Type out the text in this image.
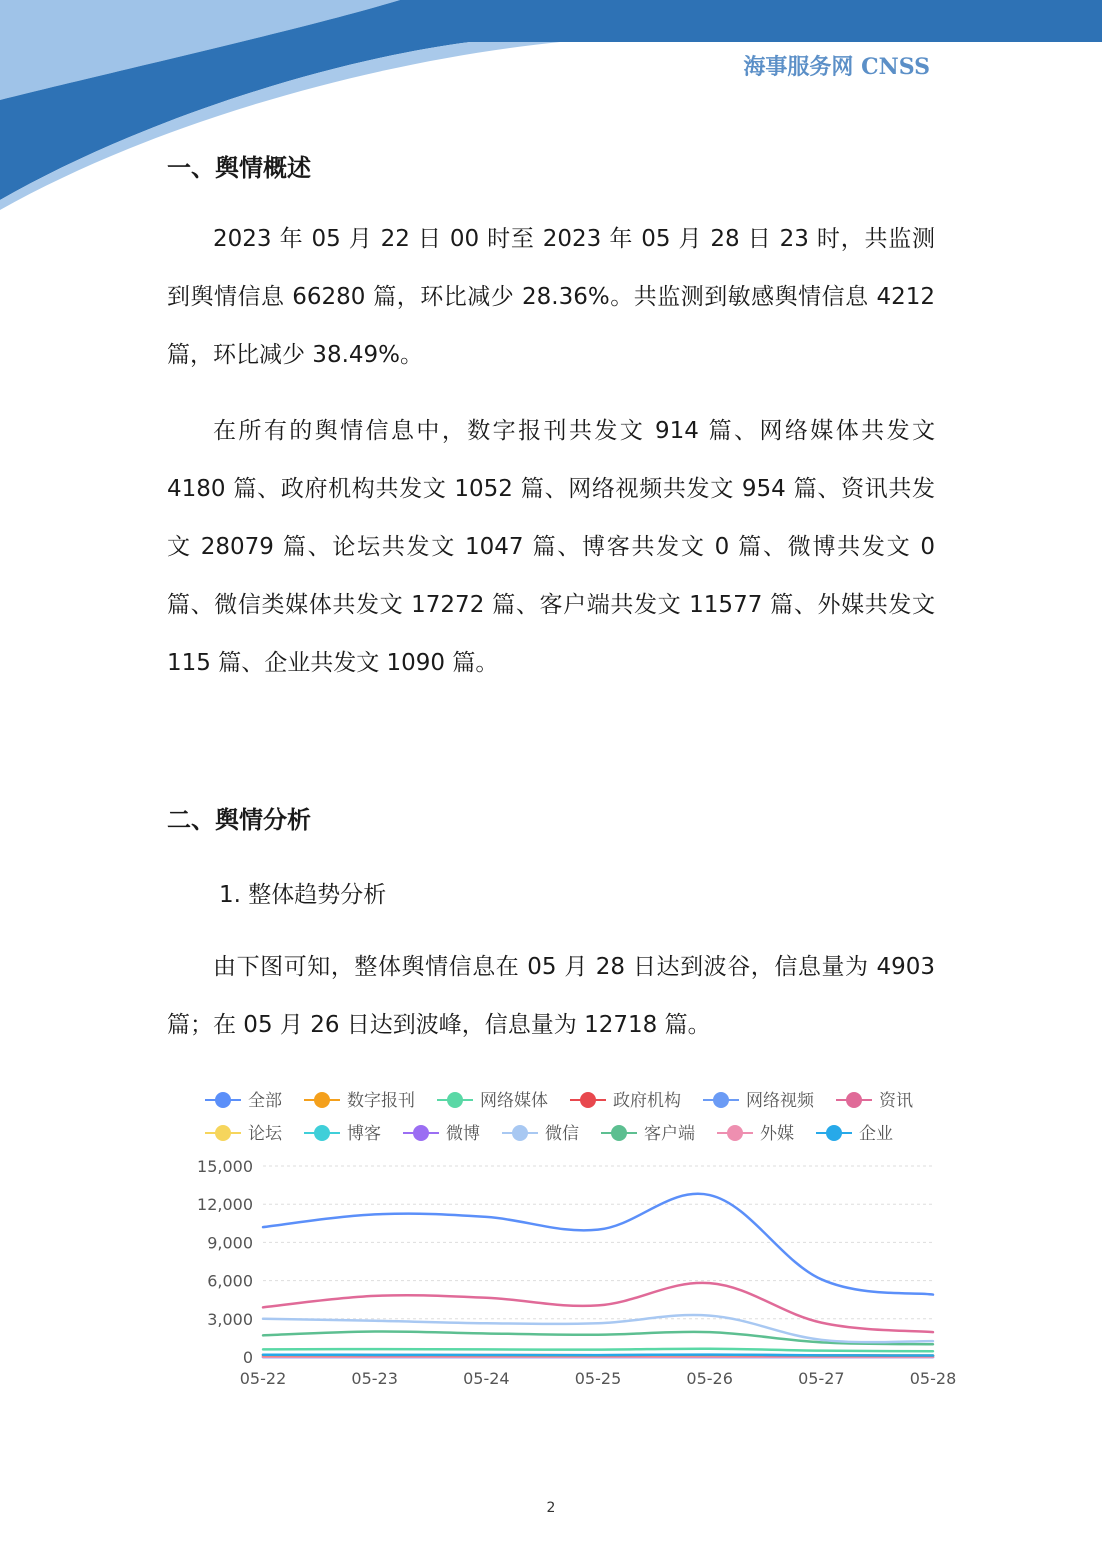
海事服务网 CNSS
一、舆情概述

2023 年 05 月 22 日 00 时至 2023 年 05 月 28 日 23 时，共监测到舆情信息 66280 篇，环比减少 28.36%。共监测到敏感舆情信息 4212 篇，环比减少 38.49%。

在所有的舆情信息中，数字报刊共发文 914 篇、网络媒体共发文 4180 篇、政府机构共发文 1052 篇、网络视频共发文 954 篇、资讯共发文 28079 篇、论坛共发文 1047 篇、博客共发文 0 篇、微博共发文 0 篇、微信类媒体共发文 17272 篇、客户端共发文 11577 篇、外媒共发文 115 篇、企业共发文 1090 篇。

二、舆情分析
1. 整体趋势分析

由下图可知，整体舆情信息在 05 月 28 日达到波谷，信息量为 4903 篇；在 05 月 26 日达到波峰，信息量为 12718 篇。

全部	数字报刊	网络媒体	政府机构	网络视频	资讯
论坛	博客	微博	微信	客户端	外媒	企业
0
3,000
6,000
9,000
12,000
15,000
05-22	05-23	05-24	05-25	05-26	05-27	05-28
2
